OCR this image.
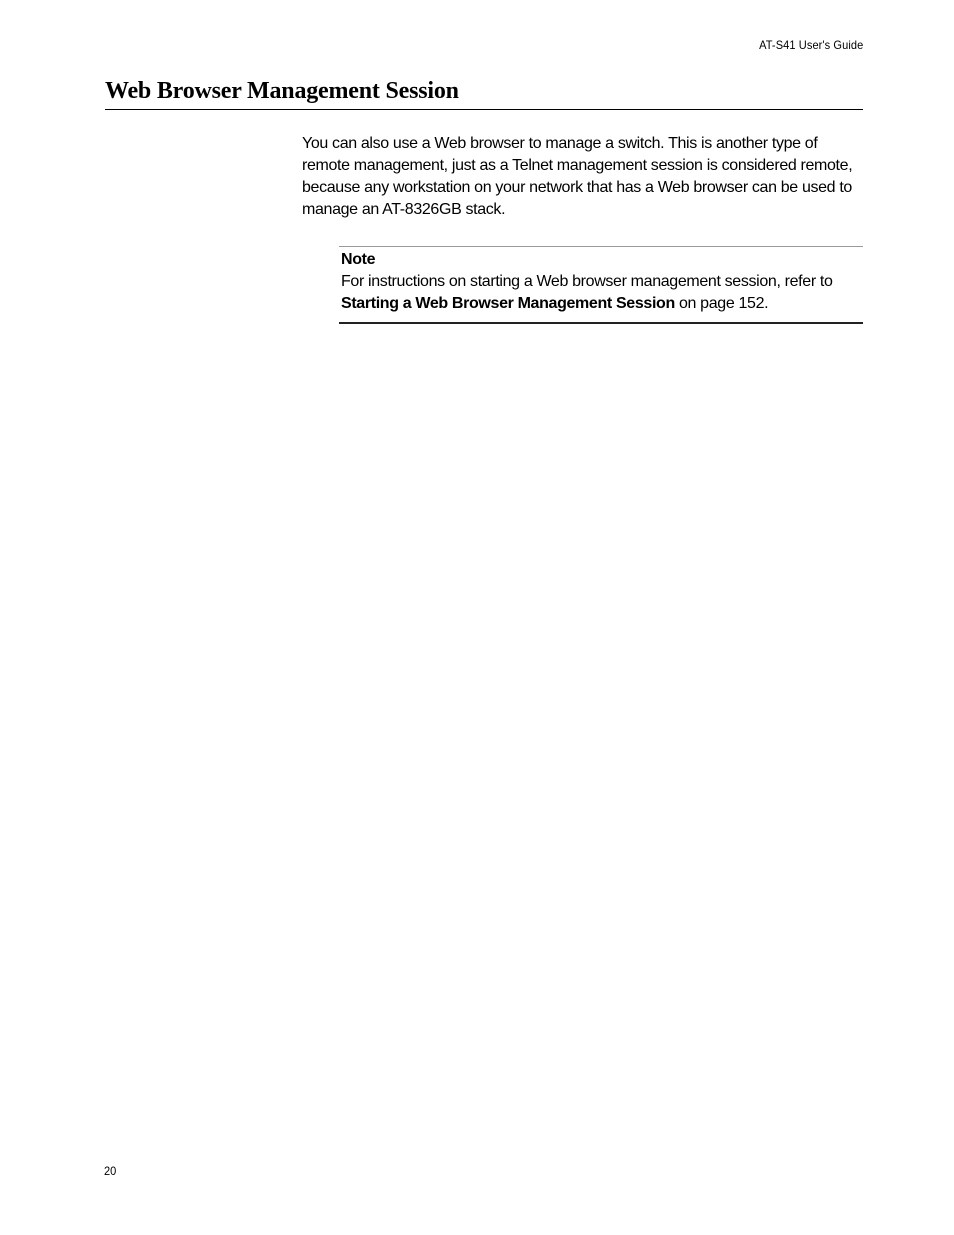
AT-S41 User's Guide
Web Browser Management Session

You can also use a Web browser to manage a switch. This is another type of remote management, just as a Telnet management session is considered remote, because any workstation on your network that has a Web browser can be used to manage an AT-8326GB stack.

Note

For instructions on starting a Web browser management session, refer to Starting a Web Browser Management Session on page 152.

20
